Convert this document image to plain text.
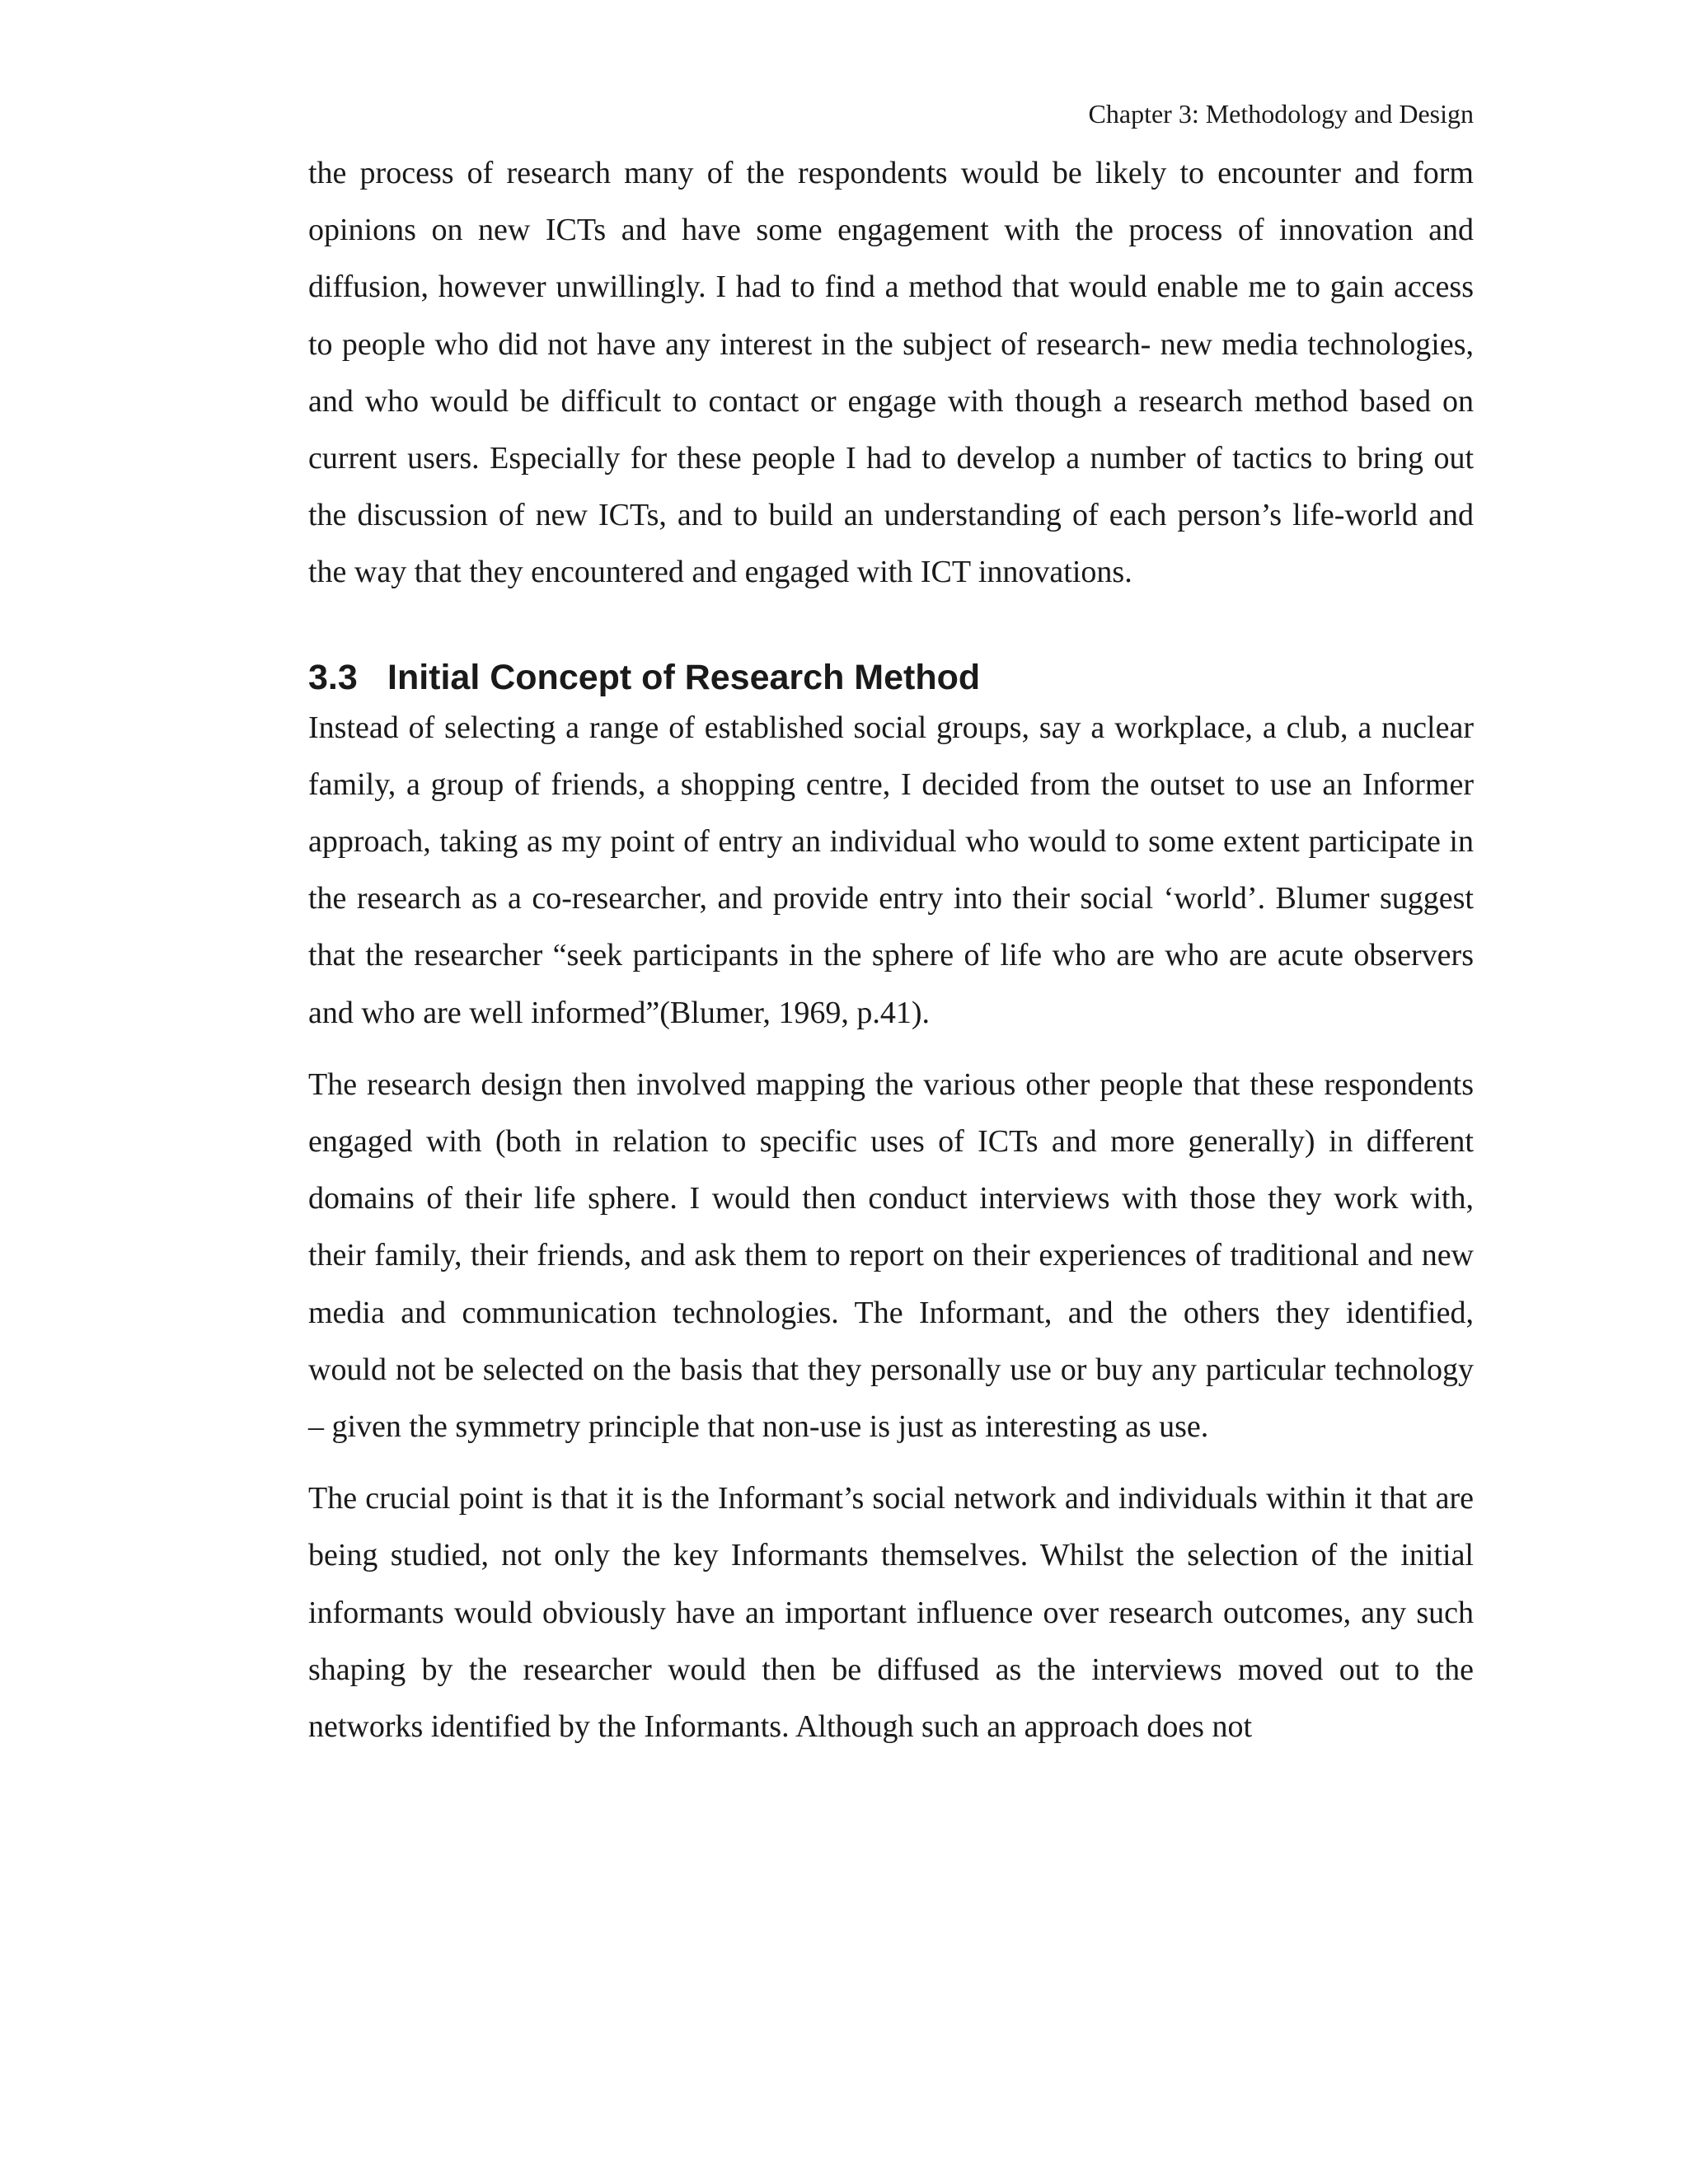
Chapter 3: Methodology and Design

the process of research many of the respondents would be likely to encounter and form opinions on new ICTs and have some engagement with the process of innovation and diffusion, however unwillingly. I had to find a method that would enable me to gain access to people who did not have any interest in the subject of research- new media technologies, and who would be difficult to contact or engage with though a research method based on current users. Especially for these people I had to develop a number of tactics to bring out the discussion of new ICTs, and to build an understanding of each person’s life-world and the way that they encountered and engaged with ICT innovations.

3.3 Initial Concept of Research Method

Instead of selecting a range of established social groups, say a workplace, a club, a nuclear family, a group of friends, a shopping centre, I decided from the outset to use an Informer approach, taking as my point of entry an individual who would to some extent participate in the research as a co-researcher, and provide entry into their social ‘world’. Blumer suggest that the researcher “seek participants in the sphere of life who are who are acute observers and who are well informed”(Blumer, 1969, p.41).

The research design then involved mapping the various other people that these respondents engaged with (both in relation to specific uses of ICTs and more generally) in different domains of their life sphere. I would then conduct interviews with those they work with, their family, their friends, and ask them to report on their experiences of traditional and new media and communication technologies. The Informant, and the others they identified, would not be selected on the basis that they personally use or buy any particular technology – given the symmetry principle that non-use is just as interesting as use.

The crucial point is that it is the Informant’s social network and individuals within it that are being studied, not only the key Informants themselves. Whilst the selection of the initial informants would obviously have an important influence over research outcomes, any such shaping by the researcher would then be diffused as the interviews moved out to the networks identified by the Informants. Although such an approach does not
